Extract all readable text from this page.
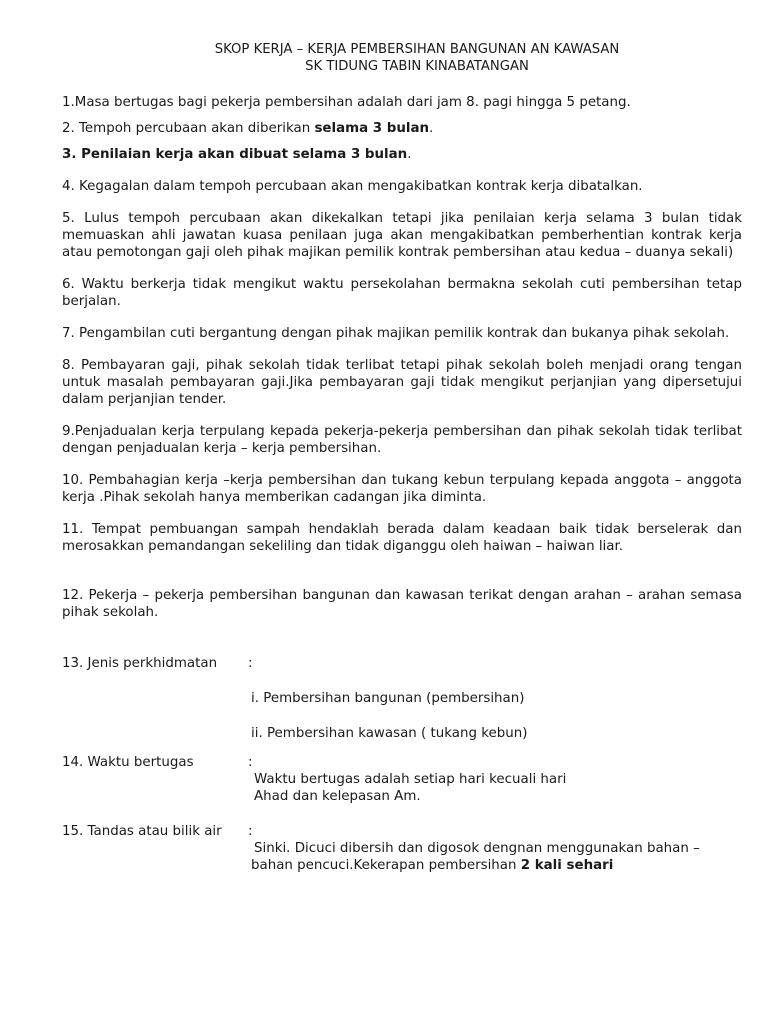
SKOP KERJA – KERJA PEMBERSIHAN BANGUNAN AN KAWASAN
SK TIDUNG TABIN KINABATANGAN

1.Masa bertugas bagi pekerja pembersihan adalah dari jam 8. pagi hingga 5 petang.

2. Tempoh percubaan akan diberikan selama 3 bulan.

3. Penilaian kerja akan dibuat selama 3 bulan.

4. Kegagalan dalam tempoh percubaan akan mengakibatkan kontrak kerja dibatalkan.

5. Lulus tempoh percubaan akan dikekalkan tetapi jika penilaian kerja selama 3 bulan tidak memuaskan ahli jawatan kuasa penilaan juga akan mengakibatkan pemberhentian kontrak kerja atau pemotongan gaji oleh pihak majikan pemilik kontrak pembersihan atau kedua – duanya sekali)

6. Waktu berkerja tidak mengikut waktu persekolahan bermakna sekolah cuti pembersihan tetap berjalan.

7. Pengambilan cuti bergantung dengan pihak majikan pemilik kontrak dan bukanya pihak sekolah.

8. Pembayaran gaji, pihak sekolah tidak terlibat tetapi pihak sekolah boleh menjadi orang tengan untuk masalah pembayaran gaji.Jika pembayaran gaji tidak mengikut perjanjian yang dipersetujui dalam perjanjian tender.

9.Penjadualan kerja terpulang kepada pekerja-pekerja pembersihan dan pihak sekolah tidak terlibat dengan penjadualan kerja – kerja pembersihan.

10. Pembahagian kerja –kerja pembersihan dan tukang kebun terpulang kepada anggota – anggota kerja .Pihak sekolah hanya memberikan cadangan jika diminta.

11. Tempat pembuangan sampah hendaklah berada dalam keadaan baik tidak berselerak dan merosakkan pemandangan sekeliling dan tidak diganggu oleh haiwan – haiwan liar.

12. Pekerja – pekerja pembersihan bangunan dan kawasan terikat dengan arahan – arahan semasa pihak sekolah.

13. Jenis perkhidmatan :
i. Pembersihan bangunan (pembersihan)
ii. Pembersihan kawasan ( tukang kebun)
14. Waktu bertugas	:
Waktu bertugas adalah setiap hari kecuali hari
Ahad dan kelepasan Am.
15. Tandas atau bilik air :
Sinki. Dicuci dibersih dan digosok dengnan menggunakan bahan –
bahan pencuci.Kekerapan pembersihan 2 kali sehari
